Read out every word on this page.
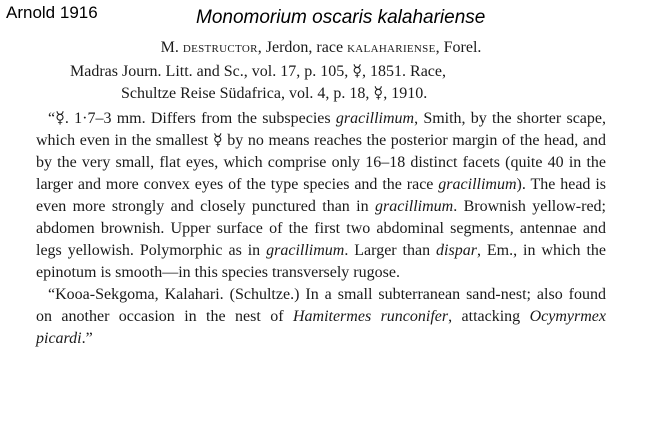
Arnold 1916	Monomorium oscaris kalahariense
M. destructor, Jerdon, race kalahariense, Forel.
Madras Journ. Litt. and Sc., vol. 17, p. 105, ☿, 1851. Race,
Schultze Reise Südafrica, vol. 4, p. 18, ☿, 1910.

“☿. 1·7–3 mm. Differs from the subspecies gracillimum, Smith, by the shorter scape, which even in the smallest ☿ by no means reaches the posterior margin of the head, and by the very small, flat eyes, which comprise only 16–18 distinct facets (quite 40 in the larger and more convex eyes of the type species and the race gracillimum). The head is even more strongly and closely punctured than in gracillimum. Brownish yellow-red; abdomen brownish. Upper surface of the first two abdominal segments, antennae and legs yellowish. Polymorphic as in gracillimum. Larger than dispar, Em., in which the epinotum is smooth—in this species transversely rugose.

“Kooa-Sekgoma, Kalahari. (Schultze.) In a small subterranean sand-nest; also found on another occasion in the nest of Hamitermes runconifer, attacking Ocymyrmex picardi.”
